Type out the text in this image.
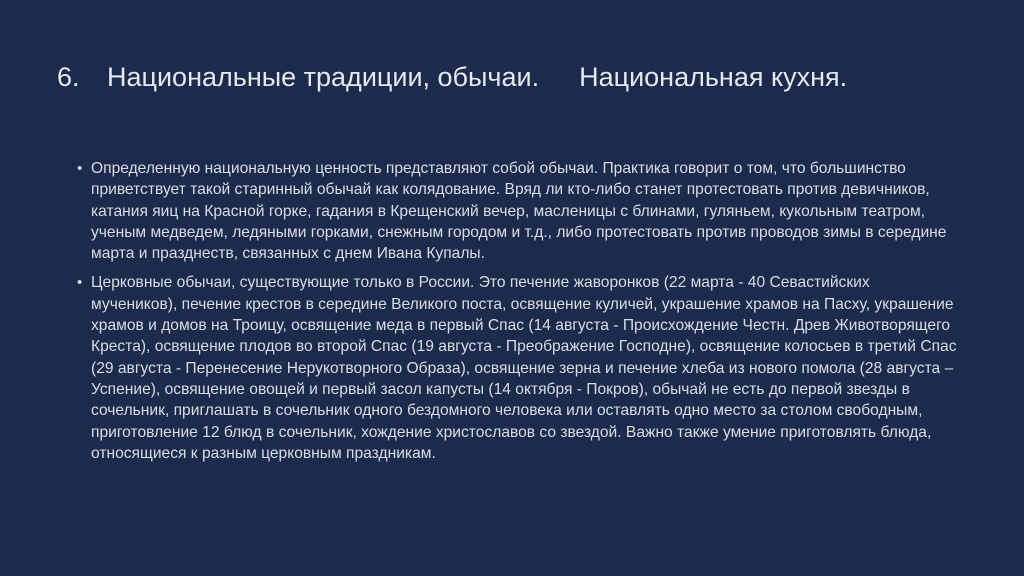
6. Национальные традиции, обычаи. Национальная кухня.
• Определенную национальную ценность представляют собой обычаи. Практика говорит о том, что большинство приветствует такой старинный обычай как колядование. Вряд ли кто-либо станет протестовать против девичников, катания яиц на Красной горке, гадания в Крещенский вечер, масленицы с блинами, гуляньем, кукольным театром, ученым медведем, ледяными горками, снежным городом и т.д., либо протестовать против проводов зимы в середине марта и празднеств, связанных с днем Ивана Купалы.
• Церковные обычаи, существующие только в России. Это печение жаворонков (22 марта - 40 Севастийских мучеников), печение крестов в середине Великого поста, освящение куличей, украшение храмов на Пасху, украшение храмов и домов на Троицу, освящение меда в первый Спас (14 августа - Происхождение Честн. Древ Животворящего Креста), освящение плодов во второй Спас (19 августа - Преображение Господне), освящение колосьев в третий Спас (29 августа - Перенесение Нерукотворного Образа), освящение зерна и печение хлеба из нового помола (28 августа – Успение), освящение овощей и первый засол капусты (14 октября - Покров), обычай не есть до первой звезды в сочельник, приглашать в сочельник одного бездомного человека или оставлять одно место за столом свободным, приготовление 12 блюд в сочельник, хождение христославов со звездой. Важно также умение приготовлять блюда, относящиеся к разным церковным праздникам.
